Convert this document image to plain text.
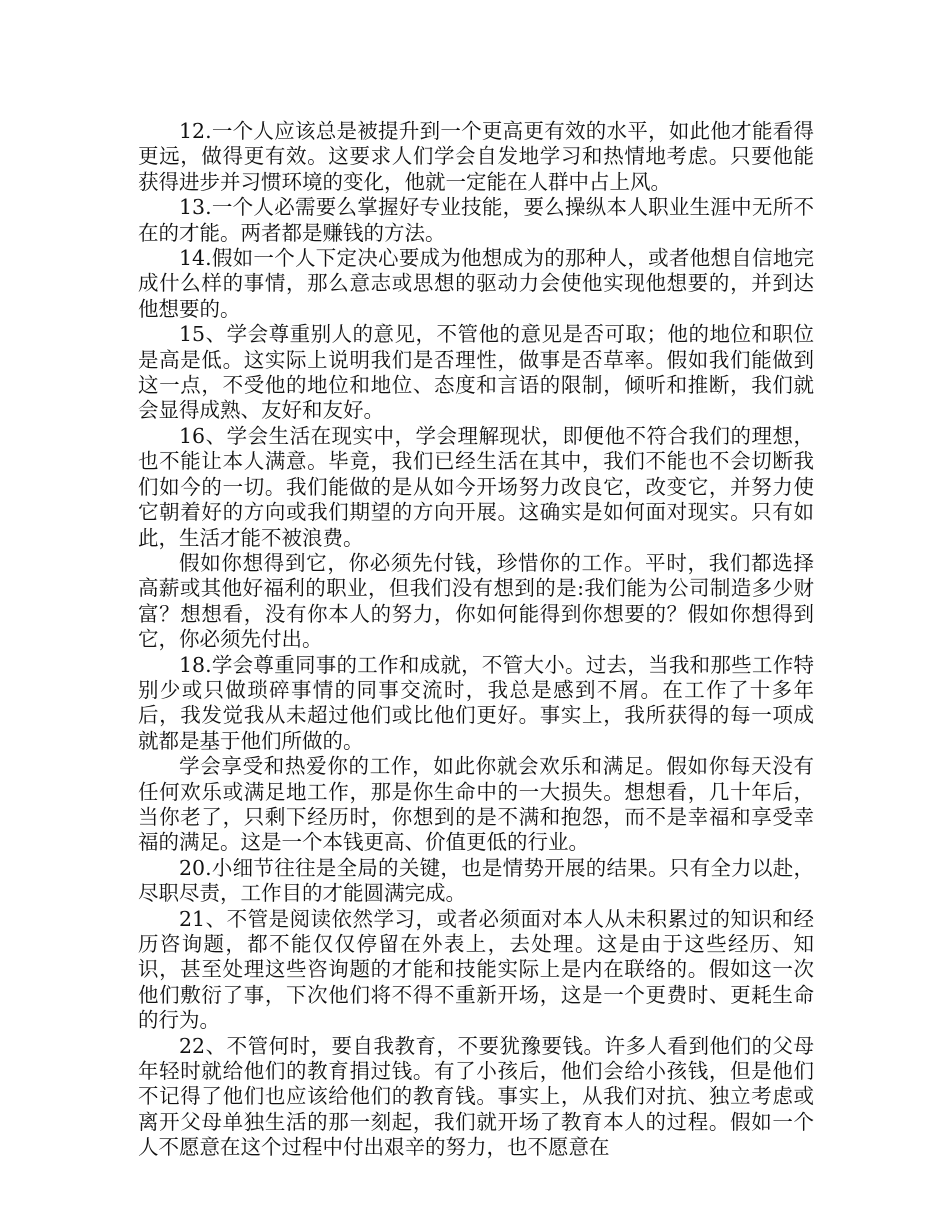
12.一个人应该总是被提升到一个更高更有效的水平，如此他才能看得更远，做得更有效。这要求人们学会自发地学习和热情地考虑。只要他能获得进步并习惯环境的变化，他就一定能在人群中占上风。

13.一个人必需要么掌握好专业技能，要么操纵本人职业生涯中无所不在的才能。两者都是赚钱的方法。

14.假如一个人下定决心要成为他想成为的那种人，或者他想自信地完成什么样的事情，那么意志或思想的驱动力会使他实现他想要的，并到达他想要的。

15、学会尊重别人的意见，不管他的意见是否可取；他的地位和职位是高是低。这实际上说明我们是否理性，做事是否草率。假如我们能做到这一点，不受他的地位和地位、态度和言语的限制，倾听和推断，我们就会显得成熟、友好和友好。

16、学会生活在现实中，学会理解现状，即便他不符合我们的理想，也不能让本人满意。毕竟，我们已经生活在其中，我们不能也不会切断我们如今的一切。我们能做的是从如今开场努力改良它，改变它，并努力使它朝着好的方向或我们期望的方向开展。这确实是如何面对现实。只有如此，生活才能不被浪费。

假如你想得到它，你必须先付钱，珍惜你的工作。平时，我们都选择高薪或其他好福利的职业，但我们没有想到的是:我们能为公司制造多少财富？想想看，没有你本人的努力，你如何能得到你想要的？假如你想得到它，你必须先付出。

18.学会尊重同事的工作和成就，不管大小。过去，当我和那些工作特别少或只做琐碎事情的同事交流时，我总是感到不屑。在工作了十多年后，我发觉我从未超过他们或比他们更好。事实上，我所获得的每一项成就都是基于他们所做的。

学会享受和热爱你的工作，如此你就会欢乐和满足。假如你每天没有任何欢乐或满足地工作，那是你生命中的一大损失。想想看，几十年后，当你老了，只剩下经历时，你想到的是不满和抱怨，而不是幸福和享受幸福的满足。这是一个本钱更高、价值更低的行业。

20.小细节往往是全局的关键，也是情势开展的结果。只有全力以赴，尽职尽责，工作目的才能圆满完成。

21、不管是阅读依然学习，或者必须面对本人从未积累过的知识和经历咨询题，都不能仅仅停留在外表上，去处理。这是由于这些经历、知识，甚至处理这些咨询题的才能和技能实际上是内在联络的。假如这一次他们敷衍了事，下次他们将不得不重新开场，这是一个更费时、更耗生命的行为。

22、不管何时，要自我教育，不要犹豫要钱。许多人看到他们的父母年轻时就给他们的教育捐过钱。有了小孩后，他们会给小孩钱，但是他们不记得了他们也应该给他们的教育钱。事实上，从我们对抗、独立考虑或离开父母单独生活的那一刻起，我们就开场了教育本人的过程。假如一个人不愿意在这个过程中付出艰辛的努力，也不愿意在
